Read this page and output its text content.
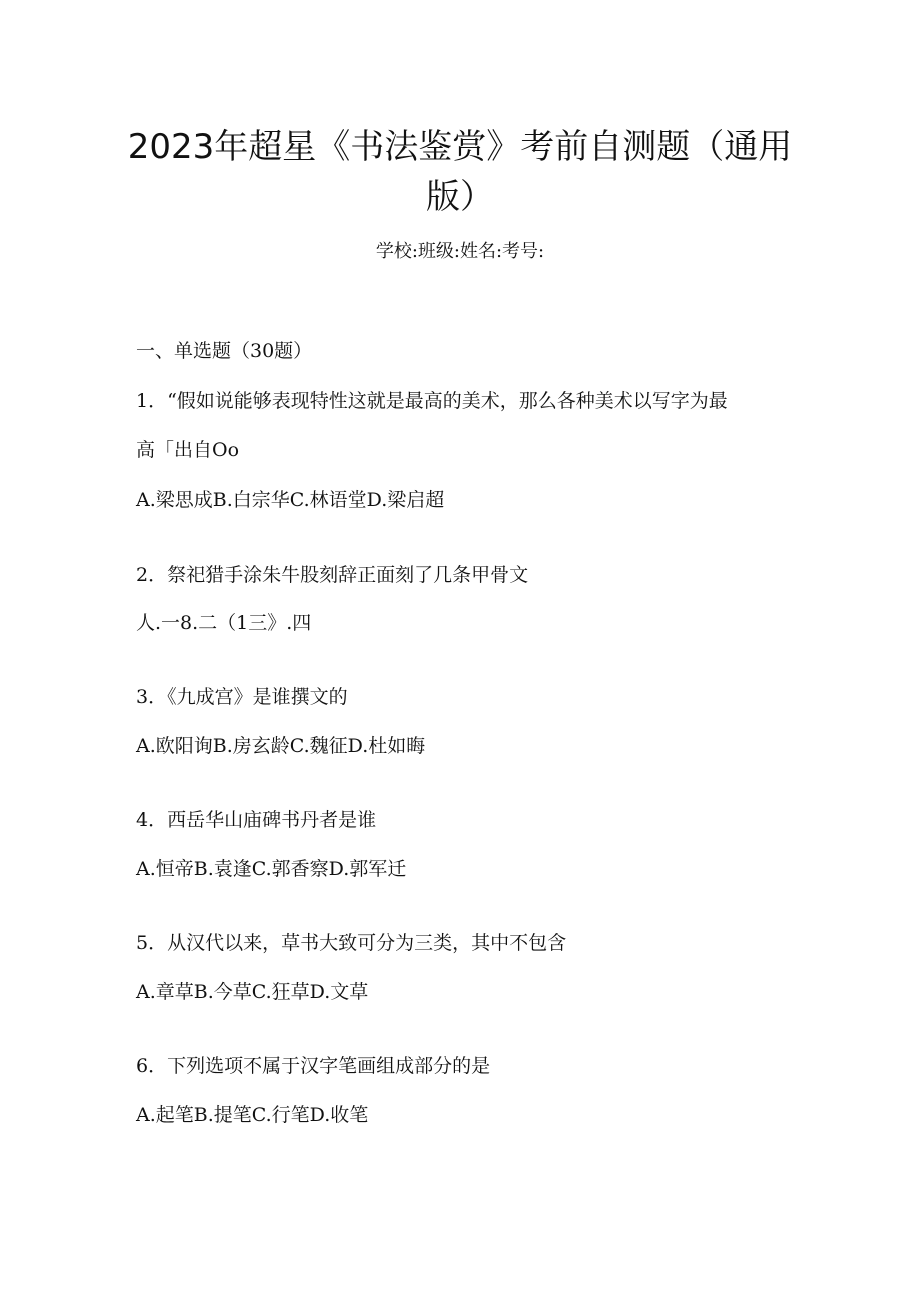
2023年超星《书法鉴赏》考前自测题（通用
版）
学校:班级:姓名:考号:
一、单选题（30题）
1．“假如说能够表现特性这就是最高的美术，那么各种美术以写字为最
高「出自Oo
A.梁思成B.白宗华C.林语堂D.梁启超
2．祭祀猎手涂朱牛股刻辞正面刻了几条甲骨文
人.一8.二（1三》.四
3．《九成宫》是谁撰文的
A.欧阳询B.房玄龄C.魏征D.杜如晦
4．西岳华山庙碑书丹者是谁
A.恒帝B.袁逢C.郭香察D.郭军迁
5．从汉代以来，草书大致可分为三类，其中不包含
A.章草B.今草C.狂草D.文草
6．下列选项不属于汉字笔画组成部分的是
A.起笔B.提笔C.行笔D.收笔
